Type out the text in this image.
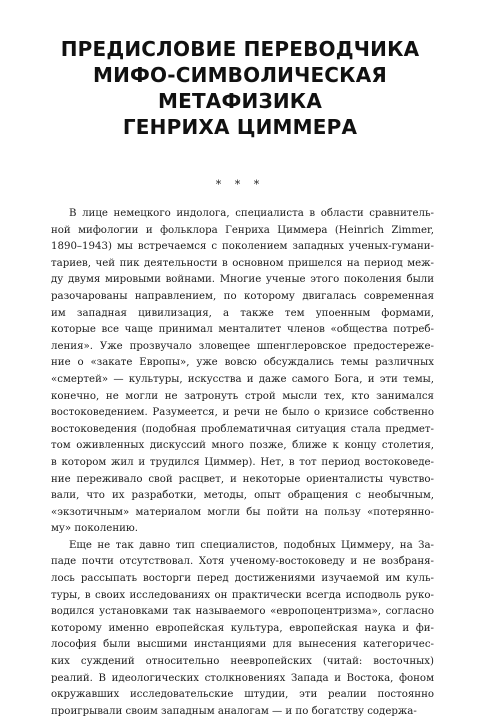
ПРЕДИСЛОВИЕ ПЕРЕВОДЧИКА
МИФО-СИМВОЛИЧЕСКАЯ
МЕТАФИЗИКА
ГЕНРИХА ЦИММЕРА
* * *
В лице немецкого индолога, специалиста в области сравнитель-
ной мифологии и фольклора Генриха Циммера (Heinrich Zimmer,
1890–1943) мы встречаемся с поколением западных ученых-гумани-
тариев, чей пик деятельности в основном пришелся на период меж-
ду двумя мировыми войнами. Многие ученые этого поколения были
разочарованы направлением, по которому двигалась современная
им западная цивилизация, а также тем упоенным формами,
которые все чаще принимал менталитет членов «общества потреб-
ления». Уже прозвучало зловещее шпенглеровское предостереже-
ние о «закате Европы», уже вовсю обсуждались темы различных
«смертей» — культуры, искусства и даже самого Бога, и эти темы,
конечно, не могли не затронуть строй мысли тех, кто занимался
востоковедением. Разумеется, и речи не было о кризисе собственно
востоковедения (подобная проблематичная ситуация стала предмет-
том оживленных дискуссий много позже, ближе к концу столетия,
в котором жил и трудился Циммер). Нет, в тот период востоковеде-
ние переживало свой расцвет, и некоторые ориенталисты чувство-
вали, что их разработки, методы, опыт обращения с необычным,
«экзотичным» материалом могли бы пойти на пользу «потерянно-
му» поколению.
Еще не так давно тип специалистов, подобных Циммеру, на За-
паде почти отсутствовал. Хотя ученому-востоковеду и не возбраня-
лось рассыпать восторги перед достижениями изучаемой им куль-
туры, в своих исследованиях он практически всегда исподволь руко-
водился установками так называемого «европоцентризма», согласно
которому именно европейская культура, европейская наука и фи-
лософия были высшими инстанциями для вынесения категоричес-
ких суждений относительно неевропейских (читай: восточных)
реалий. В идеологических столкновениях Запада и Востока, фоном
окружавших исследовательские штудии, эти реалии постоянно
проигрывали своим западным аналогам — и по богатству содержа-
